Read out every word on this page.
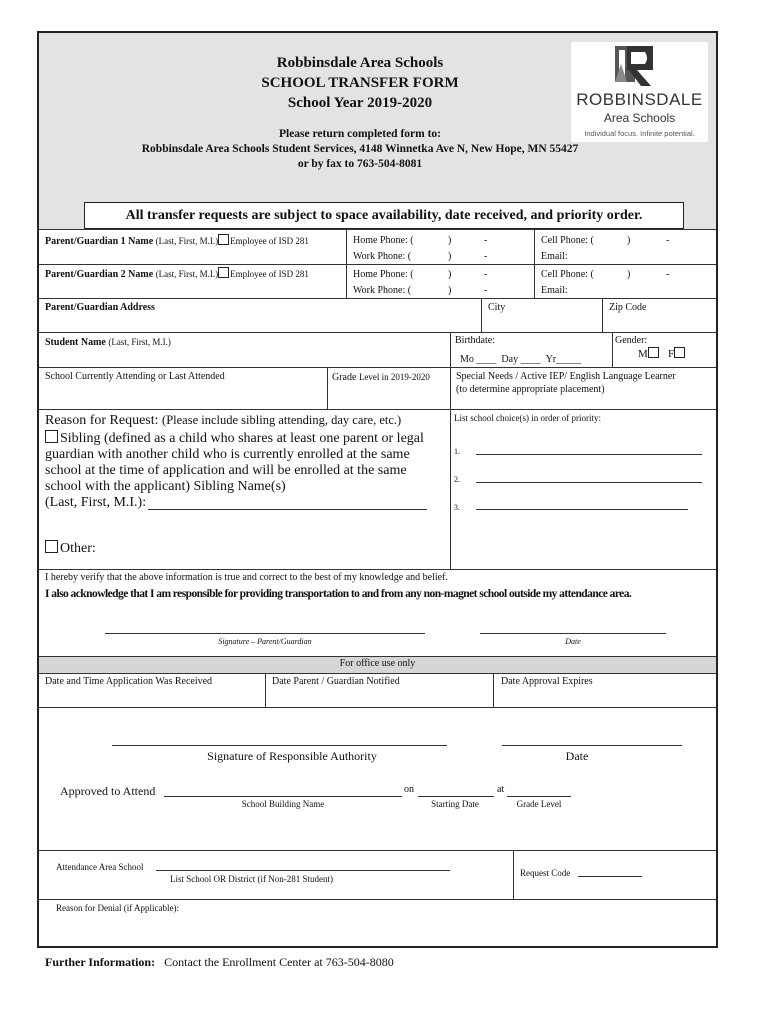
Robbinsdale Area Schools
SCHOOL TRANSFER FORM
School Year 2019-2020
Please return completed form to:
Robbinsdale Area Schools Student Services, 4148 Winnetka Ave N, New Hope, MN 55427
or by fax to 763-504-8081
ROBBINSDALE
Area Schools
Individual focus. Infinite potential.
All transfer requests are subject to space availability, date received, and priority order.
Parent/Guardian 1 Name (Last, First, M.I.) Employee of ISD 281	Home Phone: (	)	-
Work Phone: (	)	-
Cell Phone: (	)	-
Email:
Parent/Guardian 2 Name (Last, First, M.I.) Employee of ISD 281	Home Phone: (	)	-
Work Phone: (	)	-
Cell Phone: (	)	-
Email:
Parent/Guardian Address	City	Zip Code
Student Name (Last, First, M.I.)	Birthdate:
Mo ____ Day ____ Yr_____
Gender:
M F
School Currently Attending or Last Attended	Grade Level in 2019-2020	Special Needs / Active IEP/ English Language Learner
(to determine appropriate placement)
Reason for Request: (Please include sibling attending, day care, etc.)
Sibling (defined as a child who shares at least one parent or legal
guardian with another child who is currently enrolled at the same
school at the time of application and will be enrolled at the same
school with the applicant) Sibling Name(s)
(Last, First, M.I.):
Other:
List school choice(s) in order of priority:
1.
2.
3.
I hereby verify that the above information is true and correct to the best of my knowledge and belief.
I also acknowledge that I am responsible for providing transportation to and from any non-magnet school outside my attendance area.
Signature – Parent/Guardian	Date
For office use only
Date and Time Application Was Received	Date Parent / Guardian Notified	Date Approval Expires
Signature of Responsible Authority	Date
Approved to Attend	on	at
School Building Name	Starting Date	Grade Level
Attendance Area School
List School OR District (if Non-281 Student)
Request Code
Reason for Denial (if Applicable):
Further Information: Contact the Enrollment Center at 763-504-8080
